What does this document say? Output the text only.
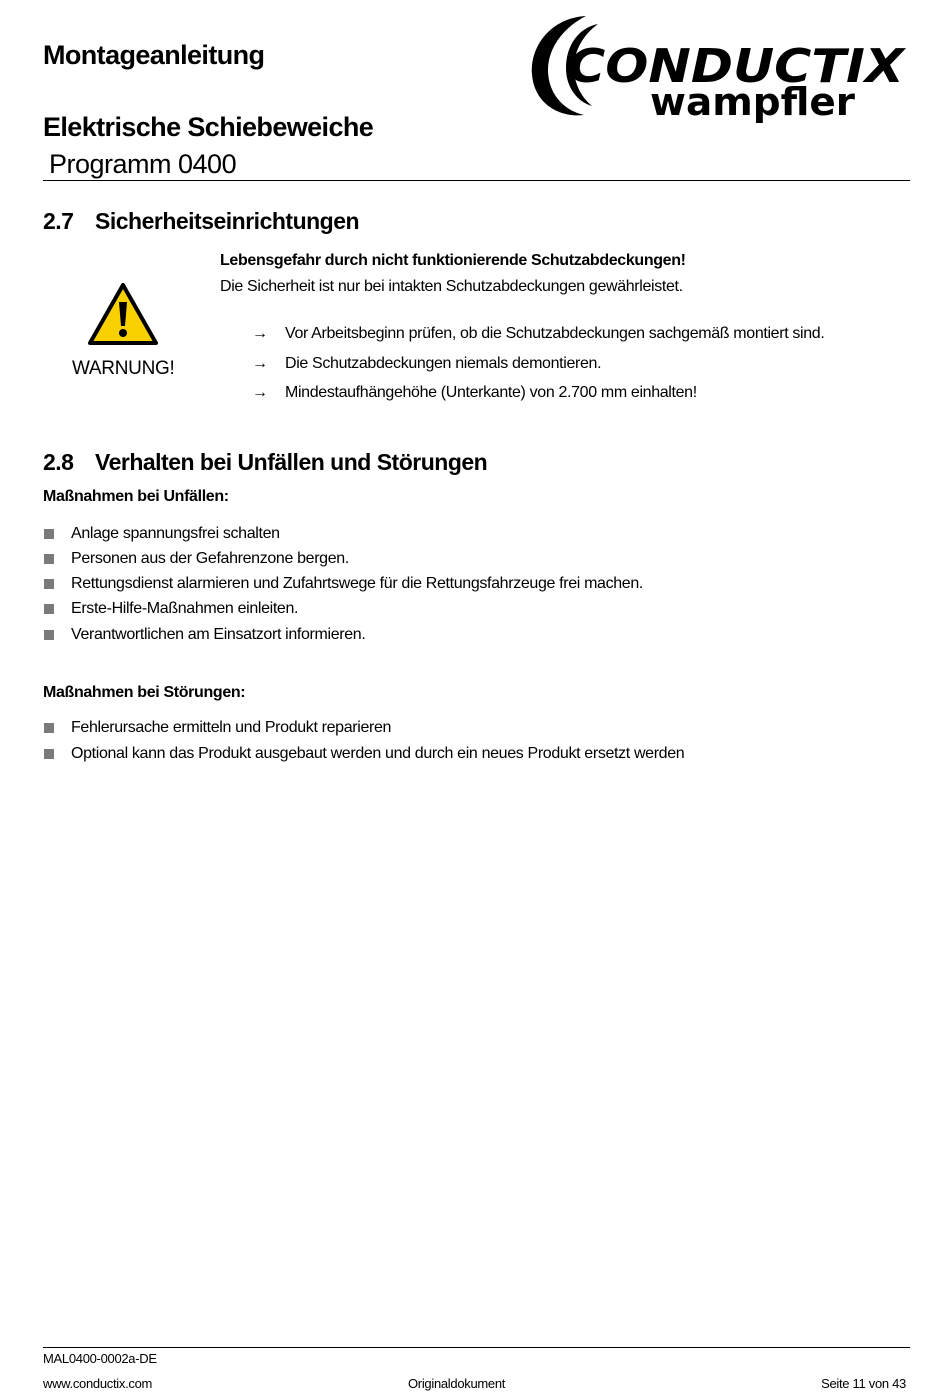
Montageanleitung
Elektrische Schiebeweiche
Programm 0400
CONDUCTIX
wampfler
2.7 Sicherheitseinrichtungen
WARNUNG!
Lebensgefahr durch nicht funktionierende Schutzabdeckungen!
Die Sicherheit ist nur bei intakten Schutzabdeckungen gewährleistet.
→ Vor Arbeitsbeginn prüfen, ob die Schutzabdeckungen sachgemäß montiert sind.
→ Die Schutzabdeckungen niemals demontieren.
→ Mindestaufhängehöhe (Unterkante) von 2.700 mm einhalten!
2.8 Verhalten bei Unfällen und Störungen
Maßnahmen bei Unfällen:
Anlage spannungsfrei schalten
Personen aus der Gefahrenzone bergen.
Rettungsdienst alarmieren und Zufahrtswege für die Rettungsfahrzeuge frei machen.
Erste-Hilfe-Maßnahmen einleiten.
Verantwortlichen am Einsatzort informieren.
Maßnahmen bei Störungen:
Fehlerursache ermitteln und Produkt reparieren
Optional kann das Produkt ausgebaut werden und durch ein neues Produkt ersetzt werden
MAL0400-0002a-DE
www.conductix.com	Originaldokument	Seite 11 von 43
